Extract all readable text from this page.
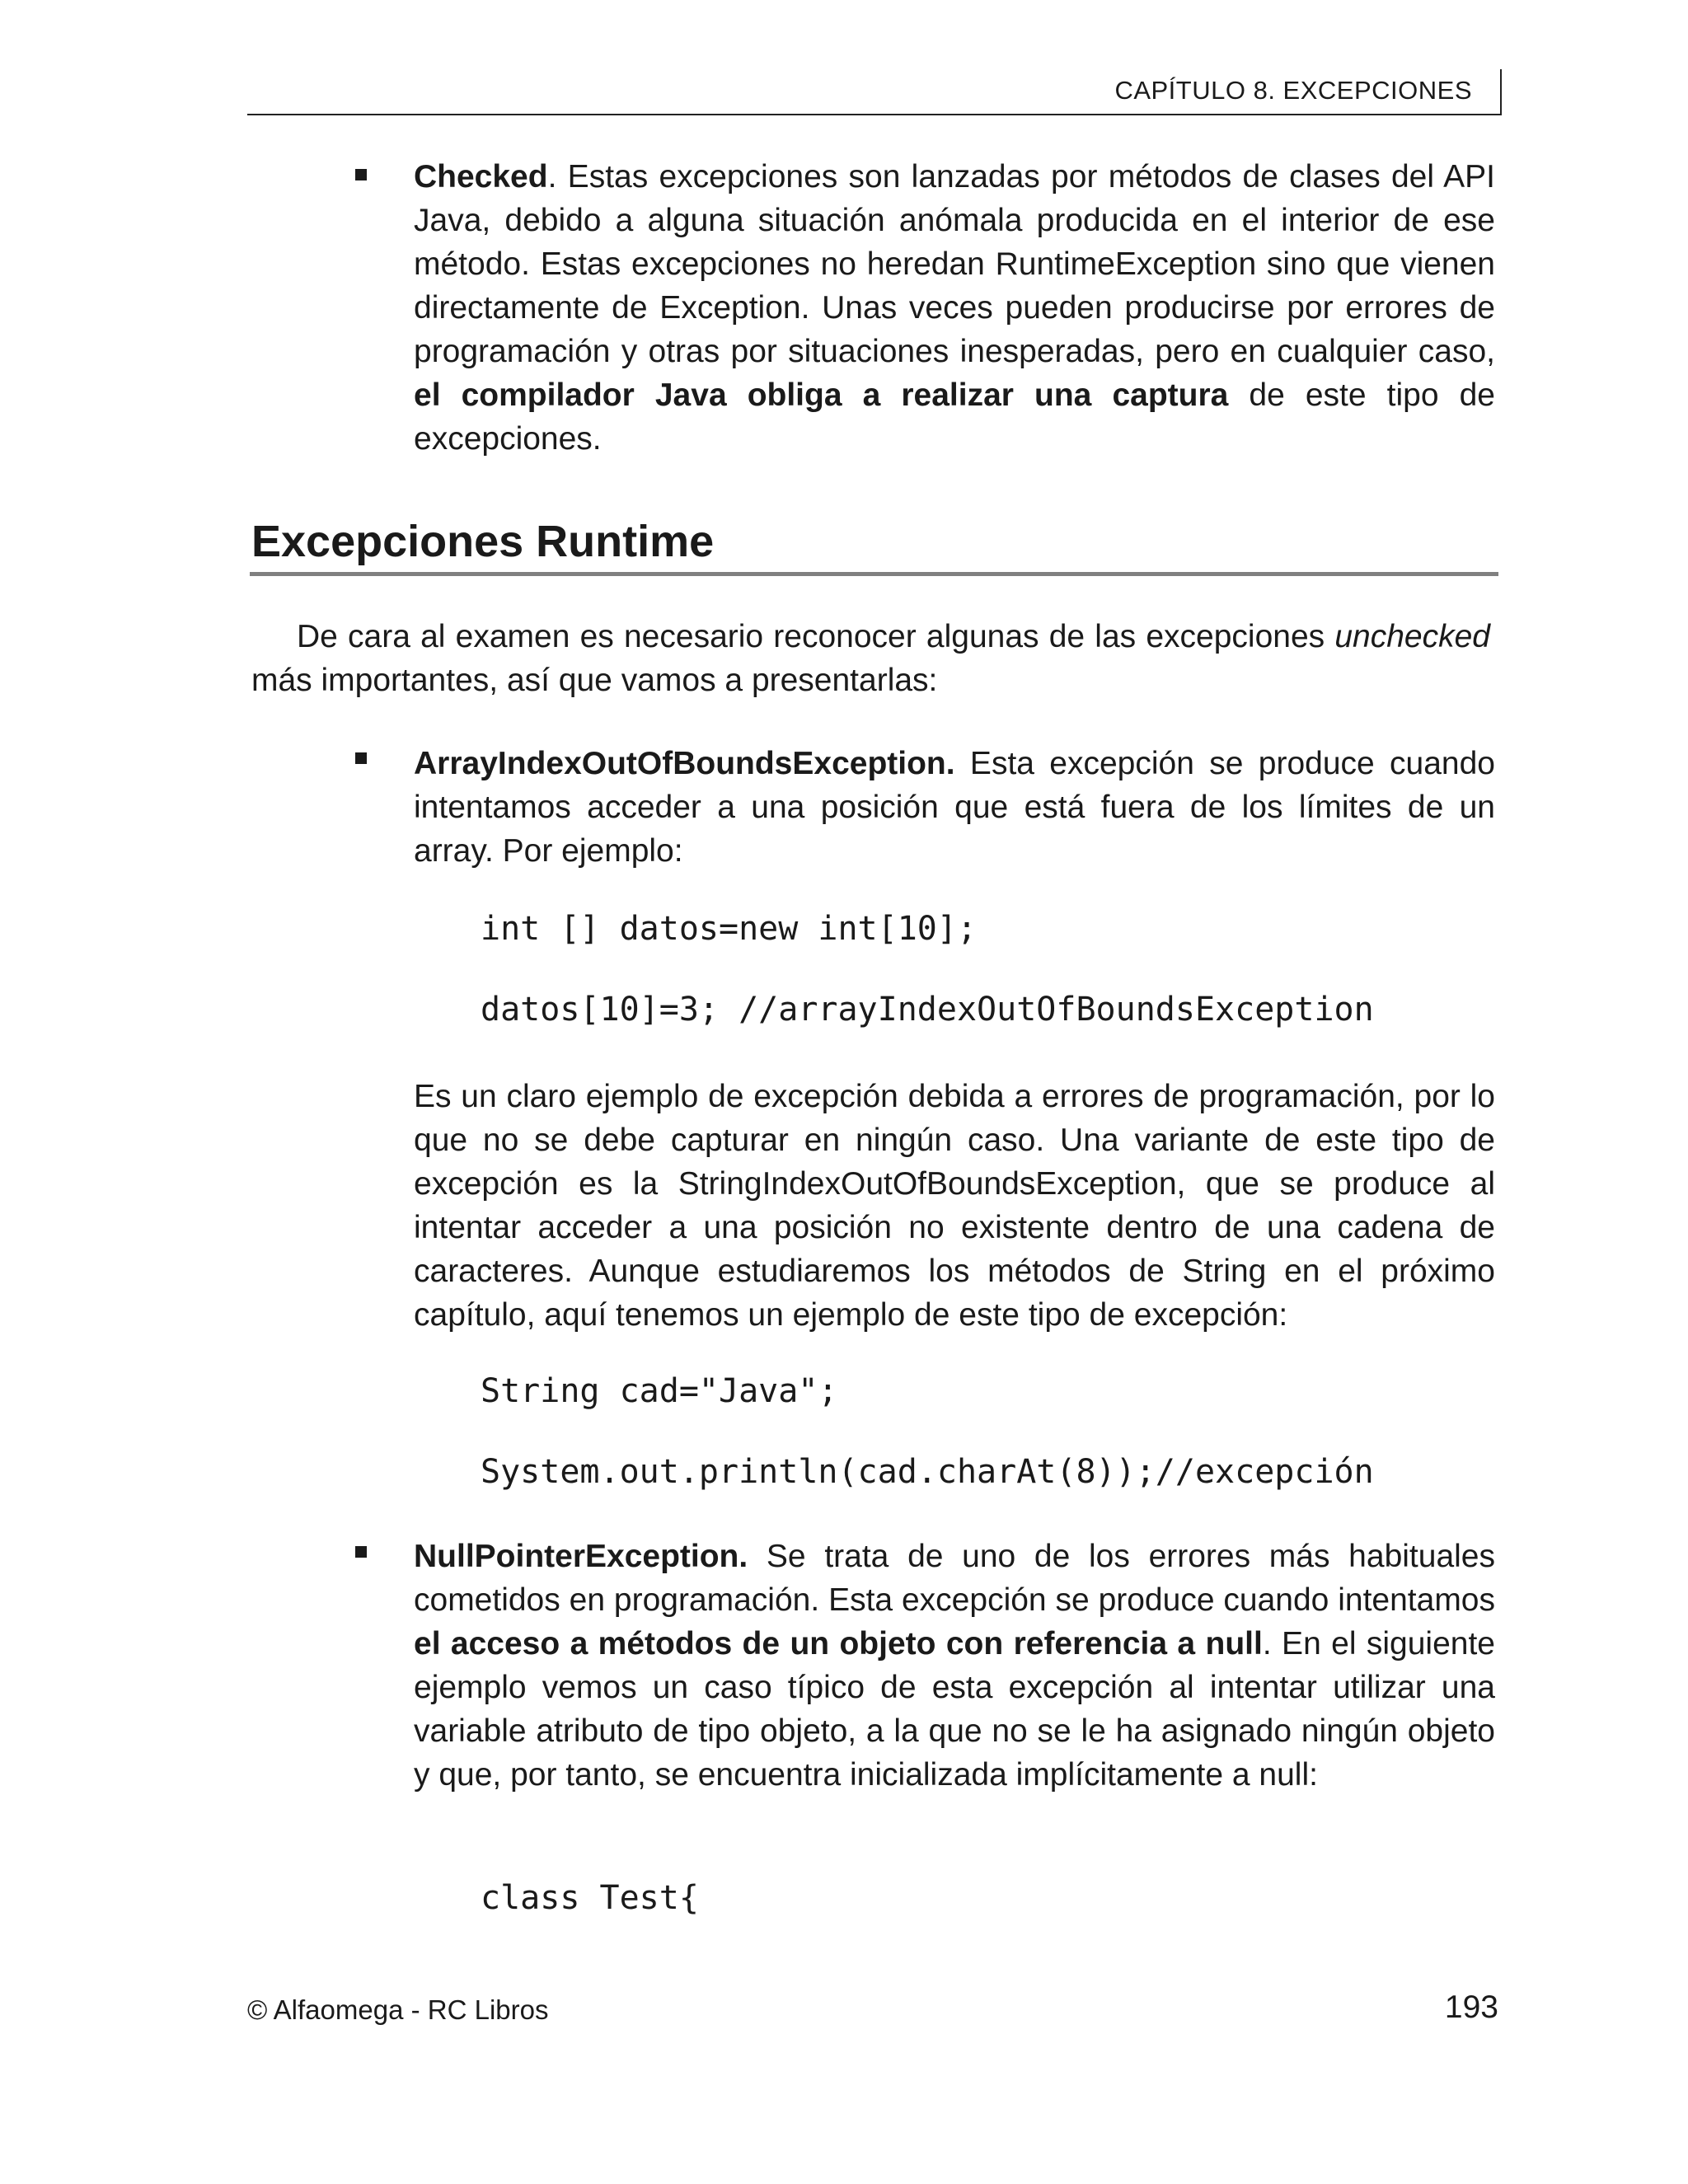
CAPÍTULO 8. EXCEPCIONES
Checked. Estas excepciones son lanzadas por métodos de clases del API Java, debido a alguna situación anómala producida en el interior de ese método. Estas excepciones no heredan RuntimeException sino que vienen directamente de Exception. Unas veces pueden producirse por errores de programación y otras por situaciones inesperadas, pero en cualquier caso, el compilador Java obliga a realizar una captura de este tipo de excepciones.
Excepciones Runtime
De cara al examen es necesario reconocer algunas de las excepciones unchecked más importantes, así que vamos a presentarlas:
ArrayIndexOutOfBoundsException. Esta excepción se produce cuando intentamos acceder a una posición que está fuera de los límites de un array. Por ejemplo:
int [] datos=new int[10];
datos[10]=3; //arrayIndexOutOfBoundsException
Es un claro ejemplo de excepción debida a errores de programación, por lo que no se debe capturar en ningún caso. Una variante de este tipo de excepción es la StringIndexOutOfBoundsException, que se produce al intentar acceder a una posición no existente dentro de una cadena de caracteres. Aunque estudiaremos los métodos de String en el próximo capítulo, aquí tenemos un ejemplo de este tipo de excepción:
String cad="Java";
System.out.println(cad.charAt(8));//excepción
NullPointerException. Se trata de uno de los errores más habituales cometidos en programación. Esta excepción se produce cuando intentamos el acceso a métodos de un objeto con referencia a null. En el siguiente ejemplo vemos un caso típico de esta excepción al intentar utilizar una variable atributo de tipo objeto, a la que no se le ha asignado ningún objeto y que, por tanto, se encuentra inicializada implícitamente a null:
class Test{
© Alfaomega - RC Libros	193
